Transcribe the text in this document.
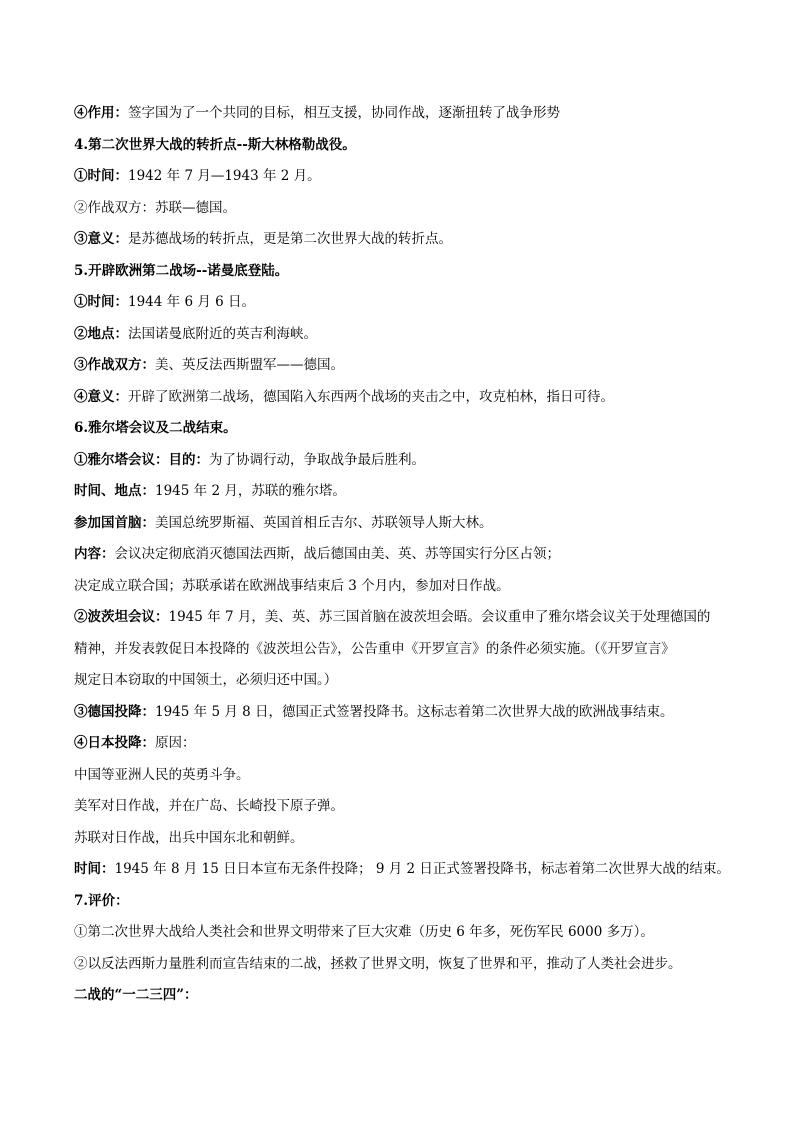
④作用：签字国为了一个共同的目标，相互支援，协同作战，逐渐扭转了战争形势
4.第二次世界大战的转折点--斯大林格勒战役。
①时间：1942 年 7 月—1943 年 2 月。
②作战双方：苏联—德国。
③意义：是苏德战场的转折点，更是第二次世界大战的转折点。
5.开辟欧洲第二战场--诺曼底登陆。
①时间：1944 年 6 月 6 日。
②地点：法国诺曼底附近的英吉利海峡。
③作战双方：美、英反法西斯盟军——德国。
④意义：开辟了欧洲第二战场，德国陷入东西两个战场的夹击之中，攻克柏林，指日可待。
6.雅尔塔会议及二战结束。
①雅尔塔会议：目的：为了协调行动，争取战争最后胜利。
时间、地点：1945 年 2 月，苏联的雅尔塔。
参加国首脑：美国总统罗斯福、英国首相丘吉尔、苏联领导人斯大林。
内容：会议决定彻底消灭德国法西斯，战后德国由美、英、苏等国实行分区占领；
决定成立联合国；苏联承诺在欧洲战事结束后 3 个月内，参加对日作战。
②波茨坦会议：1945 年 7 月，美、英、苏三国首脑在波茨坦会晤。会议重申了雅尔塔会议关于处理德国的
精神，并发表敦促日本投降的《波茨坦公告》，公告重申《开罗宣言》的条件必须实施。（《开罗宣言》
规定日本窃取的中国领土，必须归还中国。）
③德国投降：1945 年 5 月 8 日，德国正式签署投降书。这标志着第二次世界大战的欧洲战事结束。
④日本投降：原因：
中国等亚洲人民的英勇斗争。
美军对日作战，并在广岛、长崎投下原子弹。
苏联对日作战，出兵中国东北和朝鲜。
时间：1945 年 8 月 15 日日本宣布无条件投降； 9 月 2 日正式签署投降书，标志着第二次世界大战的结束。
7.评价：
①第二次世界大战给人类社会和世界文明带来了巨大灾难（历史 6 年多，死伤军民 6000 多万）。
②以反法西斯力量胜利而宣告结束的二战，拯救了世界文明，恢复了世界和平，推动了人类社会进步。
二战的“一二三四”：
